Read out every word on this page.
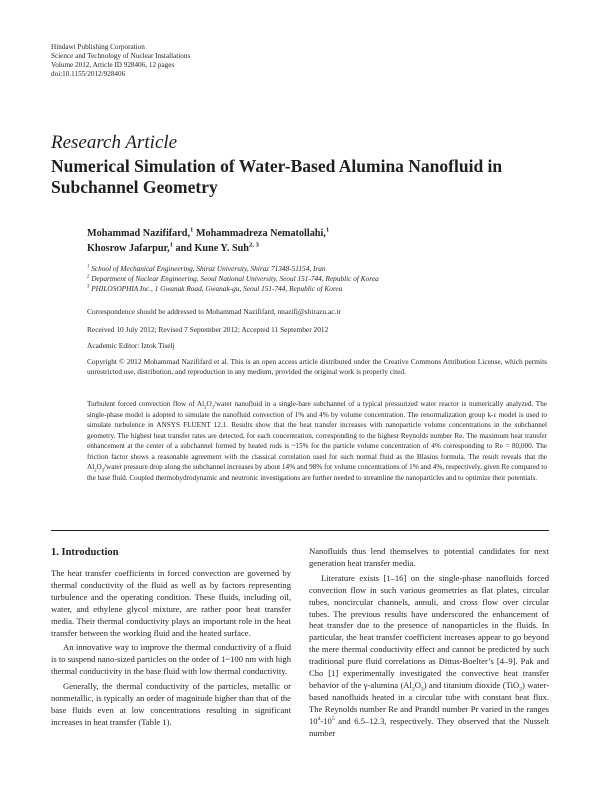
Hindawi Publishing Corporation
Science and Technology of Nuclear Installations
Volume 2012, Article ID 928406, 12 pages
doi:10.1155/2012/928406
Research Article
Numerical Simulation of Water-Based Alumina Nanofluid in Subchannel Geometry
Mohammad Nazififard,$^1$ Mohammadreza Nematollahi,$^1$
Khosrow Jafarpur,$^1$ and Kune Y. Suh$^{2, 3}$
$^1$ School of Mechanical Engineering, Shiraz University, Shiraz 71348-51154, Iran
$^2$ Department of Nuclear Engineering, Seoul National University, Seoul 151-744, Republic of Korea
$^3$ PHILOSOPHIA Inc., 1 Gwanak Road, Gwanak-gu, Seoul 151-744, Republic of Korea
Correspondence should be addressed to Mohammad Nazififard, nnazifi@shirazu.ac.ir
Received 10 July 2012; Revised 7 September 2012; Accepted 11 September 2012
Academic Editor: Iztok Tiselj
Copyright © 2012 Mohammad Nazififard et al. This is an open access article distributed under the Creative Commons Attribution License, which permits unrestricted use, distribution, and reproduction in any medium, provided the original work is properly cited.
Turbulent forced convection flow of $Al_2O_3$/water nanofluid in a single-bare subchannel of a typical pressurized water reactor is numerically analyzed. The single-phase model is adopted to simulate the nanofluid convection of 1% and 4% by volume concentration. The renormalization group k-ε model is used to simulate turbulence in ANSYS FLUENT 12.1. Results show that the heat transfer increases with nanoparticle volume concentrations in the subchannel geometry. The highest heat transfer rates are detected, for each concentration, corresponding to the highest Reynolds number Re. The maximum heat transfer enhancement at the center of a subchannel formed by heated rods is ~15% for the particle volume concentration of 4% corresponding to Re = 80,000. The friction factor shows a reasonable agreement with the classical correlation used for such normal fluid as the Blasius formula. The result reveals that the $Al_2O_3$/water pressure drop along the subchannel increases by about 14% and 98% for volume concentrations of 1% and 4%, respectively, given Re compared to the base fluid. Coupled thermohydrodynamic and neutronic investigations are further needed to streamline the nanoparticles and to optimize their potentials.
1. Introduction

The heat transfer coefficients in forced convection are governed by thermal conductivity of the fluid as well as by factors representing turbulence and the operating condition. These fluids, including oil, water, and ethylene glycol mixture, are rather poor heat transfer media. Their thermal conductivity plays an important role in the heat transfer between the working fluid and the heated surface.

An innovative way to improve the thermal conductivity of a fluid is to suspend nano-sized particles on the order of 1~100 nm with high thermal conductivity in the base fluid with low thermal conductivity.

Generally, the thermal conductivity of the particles, metallic or nonmetallic, is typically an order of magnitude higher than that of the base fluids even at low concentrations resulting in significant increases in heat transfer (Table 1).

Nanofluids thus lend themselves to potential candidates for next generation heat transfer media.

Literature exists [1–16] on the single-phase nanofluids forced convection flow in such various geometries as flat plates, circular tubes, noncircular channels, annuli, and cross flow over circular tubes. The previous results have underscored the enhancement of heat transfer due to the presence of nanoparticles in the fluids. In particular, the heat transfer coefficient increases appear to go beyond the mere thermal conductivity effect and cannot be predicted by such traditional pure fluid correlations as Dittus-Boelter’s [4–9]. Pak and Cho [1] experimentally investigated the convective heat transfer behavior of the γ-alumina $(Al_2O_3)$ and titanium dioxide (TiO$_2$) water-based nanofluids heated in a circular tube with constant heat flux. The Reynolds number Re and Prandtl number Pr varied in the ranges $10^4-10^5$ and 6.5–12.3, respectively. They observed that the Nusselt number
